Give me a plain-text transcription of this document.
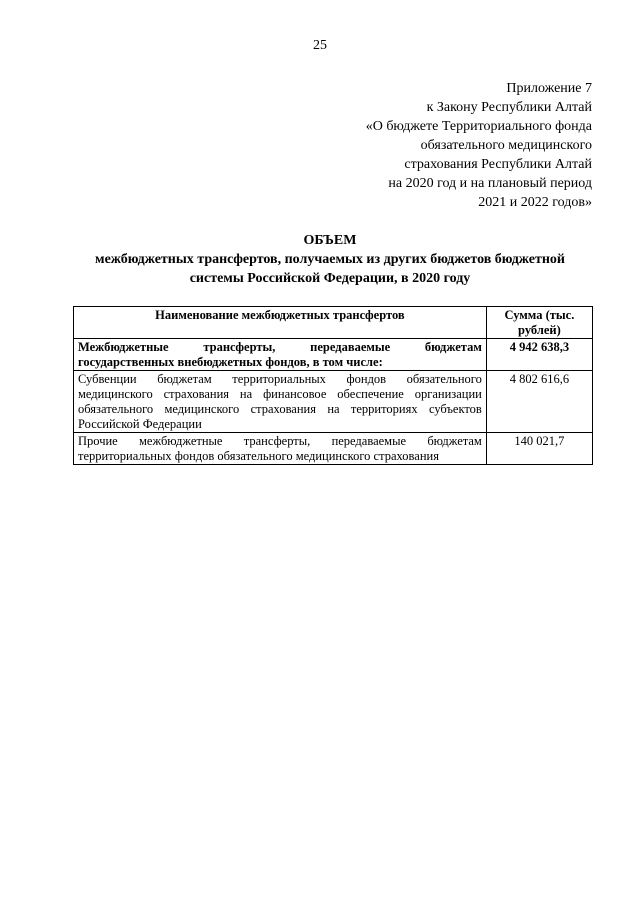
25
Приложение 7
к Закону Республики Алтай
«О бюджете Территориального фонда
обязательного медицинского
страхования Республики Алтай
на 2020 год и на плановый период
2021 и 2022 годов»
ОБЪЕМ
межбюджетных трансфертов, получаемых из других бюджетов бюджетной
системы Российской Федерации, в 2020 году
Наименование межбюджетных трансфертов	Сумма (тыс. рублей)
Межбюджетные трансферты, передаваемые бюджетам государственных внебюджетных фондов, в том числе:	4 942 638,3
Субвенции бюджетам территориальных фондов обязательного медицинского страхования на финансовое обеспечение организации обязательного медицинского страхования на территориях субъектов Российской Федерации	4 802 616,6
Прочие межбюджетные трансферты, передаваемые бюджетам территориальных фондов обязательного медицинского страхования	140 021,7
